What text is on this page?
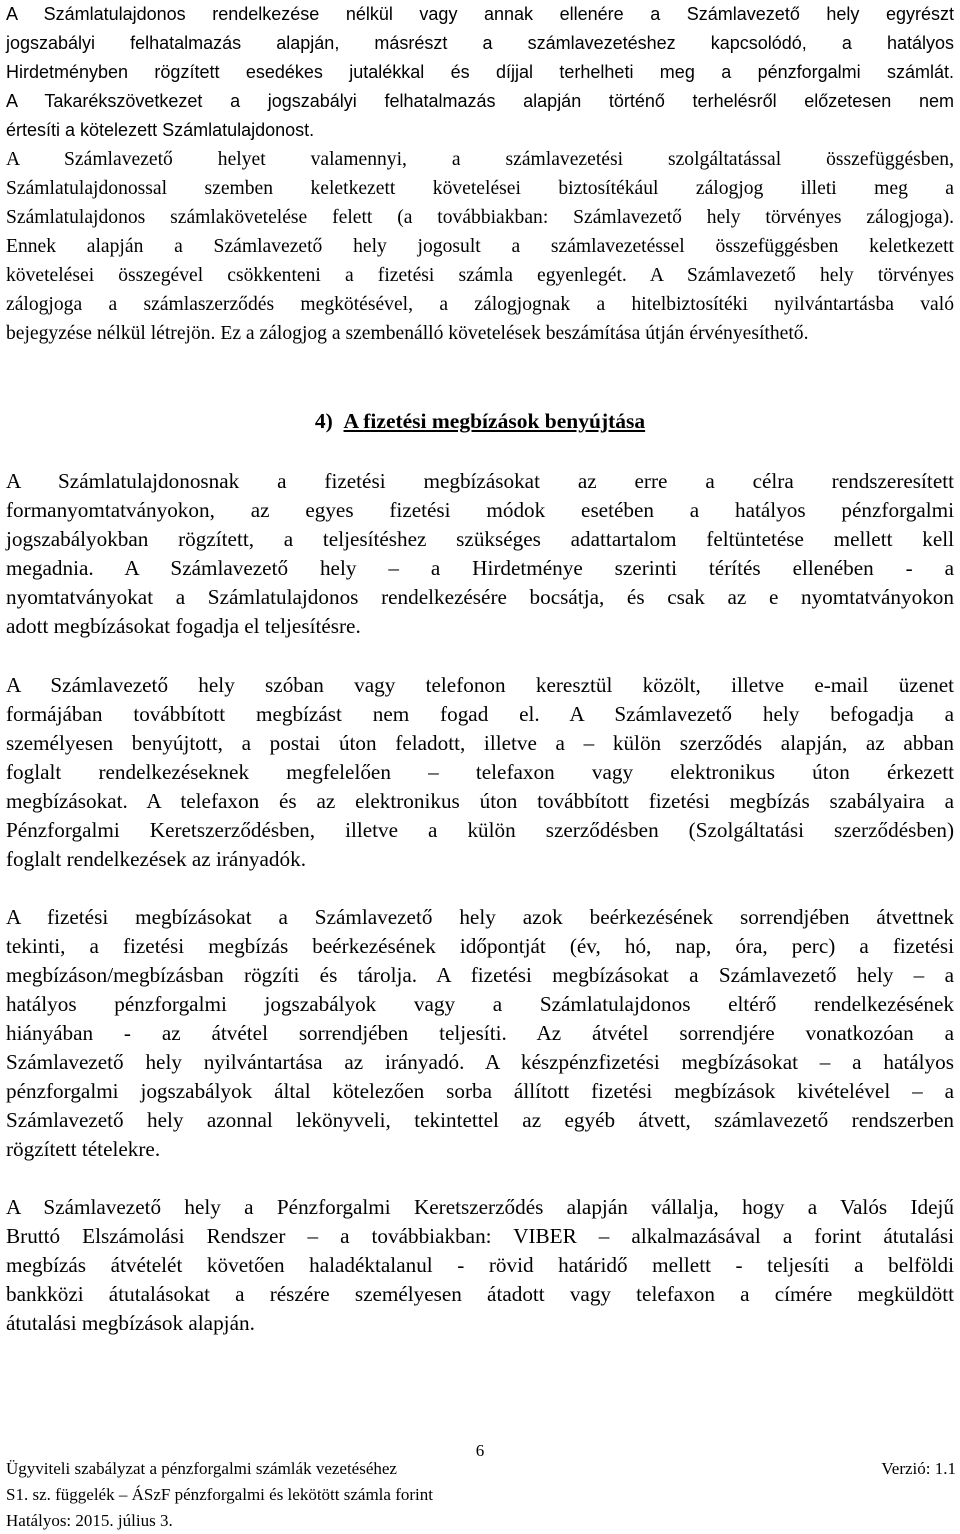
A Számlatulajdonos rendelkezése nélkül vagy annak ellenére a Számlavezető hely egyrészt
jogszabályi felhatalmazás alapján, másrészt a számlavezetéshez kapcsolódó, a hatályos
Hirdetményben rögzített esedékes jutalékkal és díjjal terhelheti meg a pénzforgalmi számlát.
A Takarékszövetkezet a jogszabályi felhatalmazás alapján történő terhelésről előzetesen nem
értesíti a kötelezett Számlatulajdonost.
A Számlavezető helyet valamennyi, a számlavezetési szolgáltatással összefüggésben,
Számlatulajdonossal szemben keletkezett követelései biztosítékául zálogjog illeti meg a
Számlatulajdonos számlakövetelése felett (a továbbiakban: Számlavezető hely törvényes zálogjoga).
Ennek alapján a Számlavezető hely jogosult a számlavezetéssel összefüggésben keletkezett
követelései összegével csökkenteni a fizetési számla egyenlegét. A Számlavezető hely törvényes
zálogjoga a számlaszerződés megkötésével, a zálogjognak a hitelbiztosítéki nyilvántartásba való
bejegyzése nélkül létrejön. Ez a zálogjog a szembenálló követelések beszámítása útján érvényesíthető.
4) A fizetési megbízások benyújtása
A Számlatulajdonosnak a fizetési megbízásokat az erre a célra rendszeresített
formanyomtatványokon, az egyes fizetési módok esetében a hatályos pénzforgalmi
jogszabályokban rögzített, a teljesítéshez szükséges adattartalom feltüntetése mellett kell
megadnia. A Számlavezető hely – a Hirdetménye szerinti térítés ellenében - a
nyomtatványokat a Számlatulajdonos rendelkezésére bocsátja, és csak az e nyomtatványokon
adott megbízásokat fogadja el teljesítésre.
A Számlavezető hely szóban vagy telefonon keresztül közölt, illetve e-mail üzenet
formájában továbbított megbízást nem fogad el. A Számlavezető hely befogadja a
személyesen benyújtott, a postai úton feladott, illetve a – külön szerződés alapján, az abban
foglalt rendelkezéseknek megfelelően – telefaxon vagy elektronikus úton érkezett
megbízásokat. A telefaxon és az elektronikus úton továbbított fizetési megbízás szabályaira a
Pénzforgalmi Keretszerződésben, illetve a külön szerződésben (Szolgáltatási szerződésben)
foglalt rendelkezések az irányadók.
A fizetési megbízásokat a Számlavezető hely azok beérkezésének sorrendjében átvettnek
tekinti, a fizetési megbízás beérkezésének időpontját (év, hó, nap, óra, perc) a fizetési
megbízáson/megbízásban rögzíti és tárolja. A fizetési megbízásokat a Számlavezető hely – a
hatályos pénzforgalmi jogszabályok vagy a Számlatulajdonos eltérő rendelkezésének
hiányában - az átvétel sorrendjében teljesíti. Az átvétel sorrendjére vonatkozóan a
Számlavezető hely nyilvántartása az irányadó. A készpénzfizetési megbízásokat – a hatályos
pénzforgalmi jogszabályok által kötelezően sorba állított fizetési megbízások kivételével – a
Számlavezető hely azonnal lekönyveli, tekintettel az egyéb átvett, számlavezető rendszerben
rögzített tételekre.
A Számlavezető hely a Pénzforgalmi Keretszerződés alapján vállalja, hogy a Valós Idejű
Bruttó Elszámolási Rendszer – a továbbiakban: VIBER – alkalmazásával a forint átutalási
megbízás átvételét követően haladéktalanul - rövid határidő mellett - teljesíti a belföldi
bankközi átutalásokat a részére személyesen átadott vagy telefaxon a címére megküldött
átutalási megbízások alapján.
6
Ügyviteli szabályzat a pénzforgalmi számlák vezetéséhez	Verzió: 1.1
S1. sz. függelék – ÁSzF pénzforgalmi és lekötött számla forint
Hatályos: 2015. július 3.
